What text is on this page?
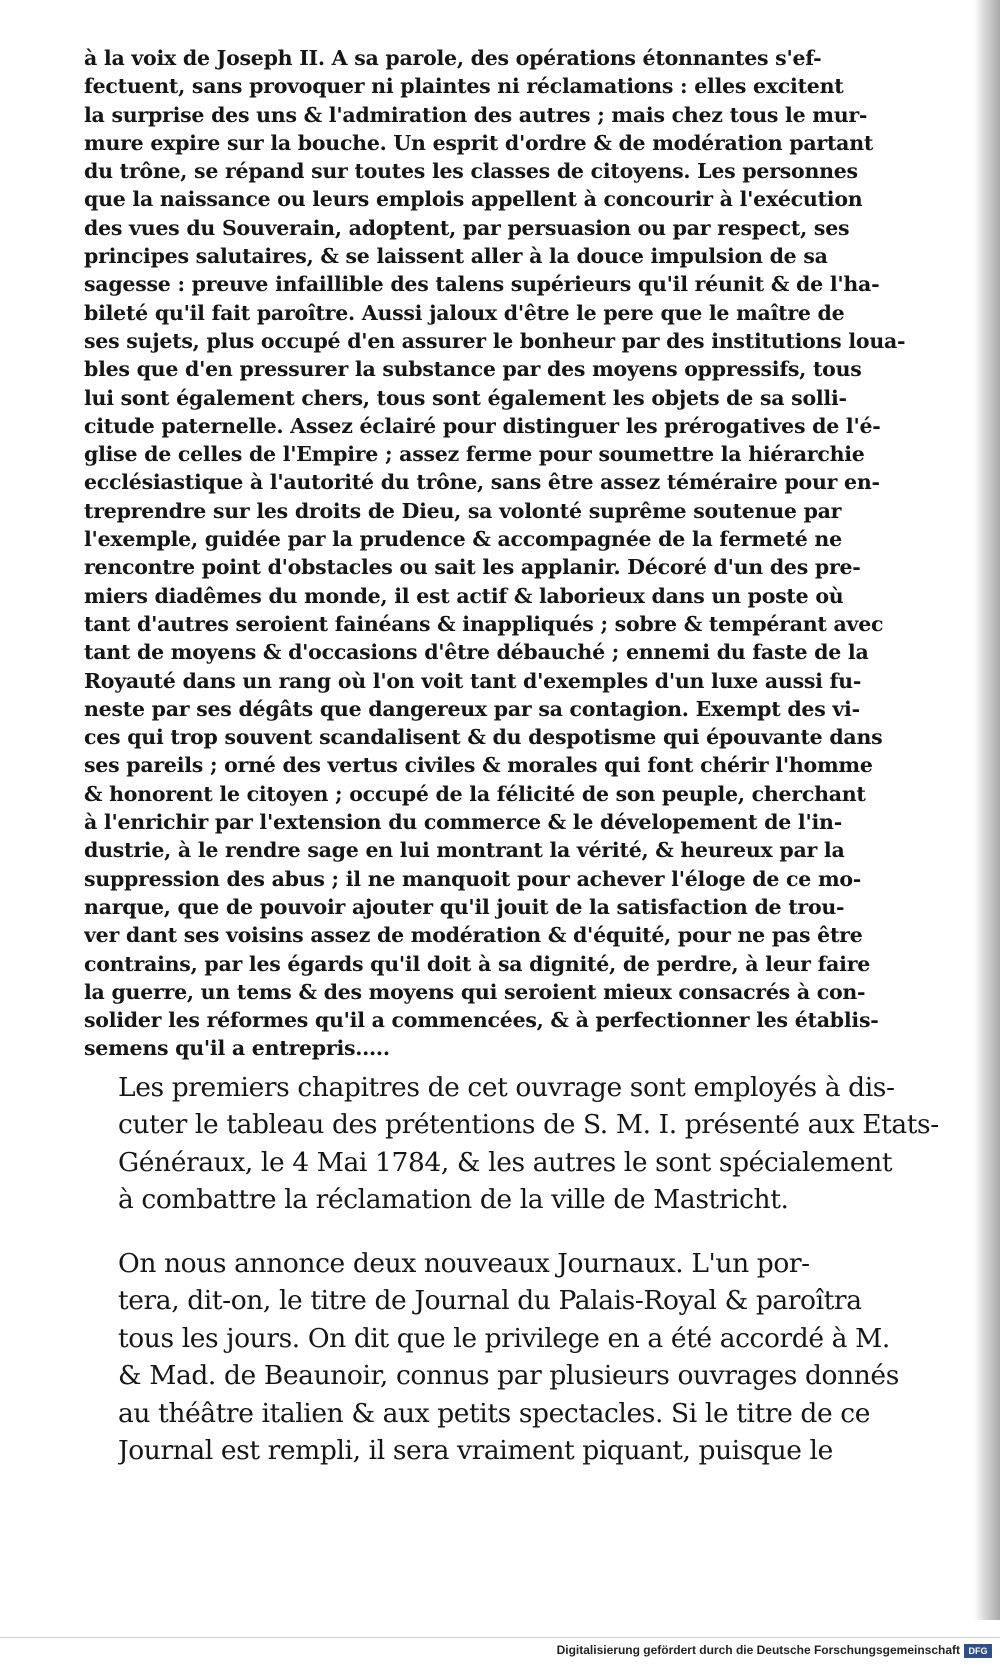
à la voix de Joseph II. A sa parole, des opérations étonnantes s'ef-
fectuent, sans provoquer ni plaintes ni réclamations : elles excitent
la surprise des uns & l'admiration des autres ; mais chez tous le mur-
mure expire sur la bouche. Un esprit d'ordre & de modération partant
du trône, se répand sur toutes les classes de citoyens. Les personnes
que la naissance ou leurs emplois appellent à concourir à l'exécution
des vues du Souverain, adoptent, par persuasion ou par respect, ses
principes salutaires, & se laissent aller à la douce impulsion de sa
sagesse : preuve infaillible des talens supérieurs qu'il réunit & de l'ha-
bileté qu'il fait paroître. Aussi jaloux d'être le pere que le maître de
ses sujets, plus occupé d'en assurer le bonheur par des institutions loua-
bles que d'en pressurer la substance par des moyens oppressifs, tous
lui sont également chers, tous sont également les objets de sa solli-
citude paternelle. Assez éclairé pour distinguer les prérogatives de l'é-
glise de celles de l'Empire ; assez ferme pour soumettre la hiérarchie
ecclésiastique à l'autorité du trône, sans être assez téméraire pour en-
treprendre sur les droits de Dieu, sa volonté suprême soutenue par
l'exemple, guidée par la prudence & accompagnée de la fermeté ne
rencontre point d'obstacles ou sait les applanir. Décoré d'un des pre-
miers diadêmes du monde, il est actif & laborieux dans un poste où
tant d'autres seroient fainéans & inappliqués ; sobre & tempérant avec
tant de moyens & d'occasions d'être débauché ; ennemi du faste de la
Royauté dans un rang où l'on voit tant d'exemples d'un luxe aussi fu-
neste par ses dégâts que dangereux par sa contagion. Exempt des vi-
ces qui trop souvent scandalisent & du despotisme qui épouvante dans
ses pareils ; orné des vertus civiles & morales qui font chérir l'homme
& honorent le citoyen ; occupé de la félicité de son peuple, cherchant
à l'enrichir par l'extension du commerce & le dévelopement de l'in-
dustrie, à le rendre sage en lui montrant la vérité, & heureux par la
suppression des abus ; il ne manquoit pour achever l'éloge de ce mo-
narque, que de pouvoir ajouter qu'il jouit de la satisfaction de trou-
ver dant ses voisins assez de modération & d'équité, pour ne pas être
contrains, par les égards qu'il doit à sa dignité, de perdre, à leur faire
la guerre, un tems & des moyens qui seroient mieux consacrés à con-
solider les réformes qu'il a commencées, & à perfectionner les établis-
semens qu'il a entrepris.....
Les premiers chapitres de cet ouvrage sont employés à dis-
cuter le tableau des prétentions de S. M. I. présenté aux Etats-
Généraux, le 4 Mai 1784, & les autres le sont spécialement
à combattre la réclamation de la ville de Mastricht.
On nous annonce deux nouveaux Journaux. L'un por-
tera, dit-on, le titre de Journal du Palais-Royal & paroîtra
tous les jours. On dit que le privilege en a été accordé à M.
& Mad. de Beaunoir, connus par plusieurs ouvrages donnés
au théâtre italien & aux petits spectacles. Si le titre de ce
Journal est rempli, il sera vraiment piquant, puisque le
Digitalisierung gefördert durch die Deutsche Forschungsgemeinschaft DFG
